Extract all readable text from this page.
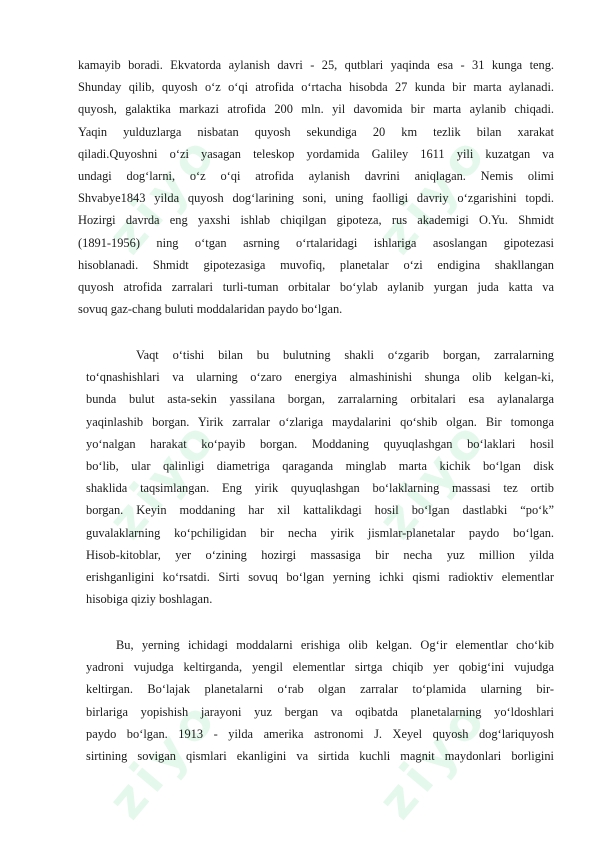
ziyo	ziyo
ziyo	ziyo
ziyo	ziyo
kamayib boradi. Ekvatorda aylanish davri - 25, qutblari yaqinda esa - 31 kunga teng.
Shunday qilib, quyosh o‘z o‘qi atrofida o‘rtacha hisobda 27 kunda bir marta aylanadi.
quyosh, galaktika markazi atrofida 200 mln. yil davomida bir marta aylanib chiqadi.
Yaqin yulduzlarga nisbatan quyosh sekundiga 20 km tezlik bilan xarakat
qiladi.Quyoshni o‘zi yasagan teleskop yordamida Galiley 1611 yili kuzatgan va
undagi dog‘larni, o‘z o‘qi atrofida aylanish davrini aniqlagan. Nemis olimi
Shvabye1843 yilda quyosh dog‘larining soni, uning faolligi davriy o‘zgarishini topdi.
Hozirgi davrda eng yaxshi ishlab chiqilgan gipoteza, rus akademigi O.Yu. Shmidt
(1891-1956) ning o‘tgan asrning o‘rtalaridagi ishlariga asoslangan gipotezasi
hisoblanadi. Shmidt gipotezasiga muvofiq, planetalar o‘zi endigina shakllangan
quyosh atrofida zarralari turli-tuman orbitalar bo‘ylab aylanib yurgan juda katta va
sovuq gaz-chang buluti moddalaridan paydo bo‘lgan.
Vaqt o‘tishi bilan bu bulutning shakli o‘zgarib borgan, zarralarning
to‘qnashishlari va ularning o‘zaro energiya almashinishi shunga olib kelgan-ki,
bunda bulut asta-sekin yassilana borgan, zarralarning orbitalari esa aylanalarga
yaqinlashib borgan. Yirik zarralar o‘zlariga maydalarini qo‘shib olgan. Bir tomonga
yo‘nalgan harakat ko‘payib borgan. Moddaning quyuqlashgan bo‘laklari hosil
bo‘lib, ular qalinligi diametriga qaraganda minglab marta kichik bo‘lgan disk
shaklida taqsimlangan. Eng yirik quyuqlashgan bo‘laklarning massasi tez ortib
borgan. Keyin moddaning har xil kattalikdagi hosil bo‘lgan dastlabki “po‘k”
guvalaklarning ko‘pchiligidan bir necha yirik jismlar-planetalar paydo bo‘lgan.
Hisob-kitoblar, yer o‘zining hozirgi massasiga bir necha yuz million yilda
erishganligini ko‘rsatdi. Sirti sovuq bo‘lgan yerning ichki qismi radioktiv elementlar
hisobiga qiziy boshlagan.
Bu, yerning ichidagi moddalarni erishiga olib kelgan. Og‘ir elementlar cho‘kib
yadroni vujudga keltirganda, yengil elementlar sirtga chiqib yer qobig‘ini vujudga
keltirgan. Bo‘lajak planetalarni o‘rab olgan zarralar to‘plamida ularning bir-
birlariga yopishish jarayoni yuz bergan va oqibatda planetalarning yo‘ldoshlari
paydo bo‘lgan. 1913 - yilda amerika astronomi J. Xeyel quyosh dog‘lariquyosh
sirtining sovigan qismlari ekanligini va sirtida kuchli magnit maydonlari borligini
